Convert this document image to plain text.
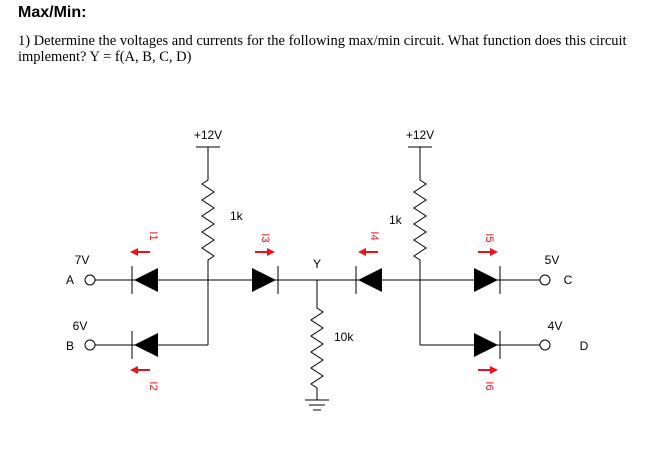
Max/Min:
1) Determine the voltages and currents for the following max/min circuit. What function does this circuit implement? Y = f(A, B, C, D)
+12V	+12V
1k	1k
Y
10k
A
7V
B
6V
C
5V
D
4V
I1
I2
I3	I4	I5
I6
